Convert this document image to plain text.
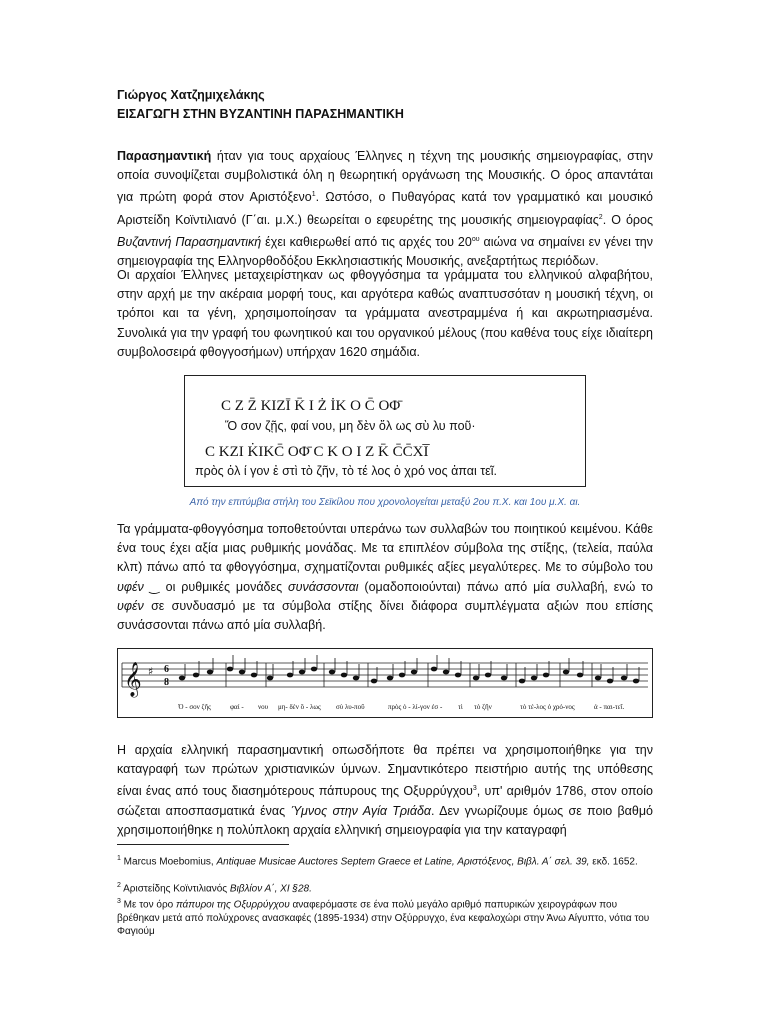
Γιώργος Χατζημιχελάκης
ΕΙΣΑΓΩΓΗ ΣΤΗΝ ΒΥΖΑΝΤΙΝΗ ΠΑΡΑΣΗΜΑΝΤΙΚΗ

Παρασημαντική ήταν για τους αρχαίους Έλληνες η τέχνη της μουσικής σημειογραφίας, στην οποία συνοψίζεται συμβολιστικά όλη η θεωρητική οργάνωση της Μουσικής. Ο όρος απαντάται για πρώτη φορά στον Αριστόξενο$^1$. Ωστόσο, ο Πυθαγόρας κατά τον γραμματικό και μουσικό Αριστείδη Κοϊντιλιανό (Γ΄αι. μ.Χ.) θεωρείται ο εφευρέτης της μουσικής σημειογραφίας$^2$. Ο όρος Βυζαντινή Παρασημαντική έχει καθιερωθεί από τις αρχές του $20^{o\upsilon}$ αιώνα να σημαίνει εν γένει την σημειογραφία της Ελληνορθοδόξου Εκκλησιαστικής Μουσικής, ανεξαρτήτως περιόδων.

Οι αρχαίοι Έλληνες μεταχειρίστηκαν ως φθογγόσημα τα γράμματα του ελληνικού αλφαβήτου, στην αρχή με την ακέραια μορφή τους, και αργότερα καθώς αναπτυσσόταν η μουσική τέχνη, οι τρόποι και τα γένη, χρησιμοποίησαν τα γράμματα ανεστραμμένα ή και ακρωτηριασμένα. Συνολικά για την γραφή του φωνητικού και του οργανικού μέλους (που καθένα τους είχε ιδιαίτερη συμβολοσειρά φθογγοσήμων) υπήρχαν 1620 σημάδια.

C Z Z̄ KIZĪ K̄ I Ż İK O C̄ OΦ̄
Ὅ σον ζῇς, φαί νου, μη δὲν ὅλ ως σὺ λυ ποῦ·
C KZI K̇IKC̄ OΦ̄ C K O I Z K̄ C̄C̄XI̅
πρὸς ὀλ ί γον ἐ στὶ τὸ ζῆν, τὸ τέ λος ὁ χρό νος ἀπαι τεῖ.
Από την επιτύμβια στήλη του Σεϊκίλου που χρονολογείται μεταξύ 2ου π.Χ. και 1ου μ.Χ. αι.

Τα γράμματα-φθογγόσημα τοποθετούνται υπεράνω των συλλαβών του ποιητικού κειμένου. Κάθε ένα τους έχει αξία μιας ρυθμικής μονάδας. Με τα επιπλέον σύμβολα της στίξης, (τελεία, παύλα κλπ) πάνω από τα φθογγόσημα, σχηματίζονται ρυθμικές αξίες μεγαλύτερες. Με το σύμβολο του υφέν ‿ οι ρυθμικές μονάδες συνάσσονται (ομαδοποιούνται) πάνω από μία συλλαβή, ενώ το υφέν σε συνδυασμό με τα σύμβολα στίξης δίνει διάφορα συμπλέγματα αξιών που επίσης συνάσσονται πάνω από μία συλλαβή.

𝄞 ♯ 6
8
Ὁ - σον ζῆς	φαί - νου μη- δὲν ὅ - λως σὺ λυ-ποῦ	πρὸς ὀ - λί-γον ἐσ - τὶ τὸ ζῆν	τὸ τέ-λος ὁ χρό-νος	ἀ - παι-τεῖ.

Η αρχαία ελληνική παρασημαντική οπωσδήποτε θα πρέπει να χρησιμοποιήθηκε για την καταγραφή των πρώτων χριστιανικών ύμνων. Σημαντικότερο πειστήριο αυτής της υπόθεσης είναι ένας από τους διασημότερους πάπυρους της Οξυρρύγχου$^3$, υπ' αριθμόν 1786, στον οποίο σώζεται αποσπασματικά ένας Ύμνος στην Αγία Τριάδα. Δεν γνωρίζουμε όμως σε ποιο βαθμό χρησιμοποιήθηκε η πολύπλοκη αρχαία ελληνική σημειογραφία για την καταγραφή

$^1$ Marcus Moebomius, Antiquae Musicae Auctores Septem Graece et Latine, Αριστόξενος, Βιβλ. Α΄ σελ. 39, εκδ. 1652.

$^2$ Αριστείδης Κοϊντιλιανός Βιβλίον Α΄, ΧΙ §28.

$^3$ Με τον όρο πάπυροι της Οξυρρύγχου αναφερόμαστε σε ένα πολύ μεγάλο αριθμό παπυρικών χειρογράφων που βρέθηκαν μετά από πολύχρονες ανασκαφές (1895-1934) στην Οξύρρυγχο, ένα κεφαλοχώρι στην Άνω Αίγυπτο, νότια του Φαγιούμ
